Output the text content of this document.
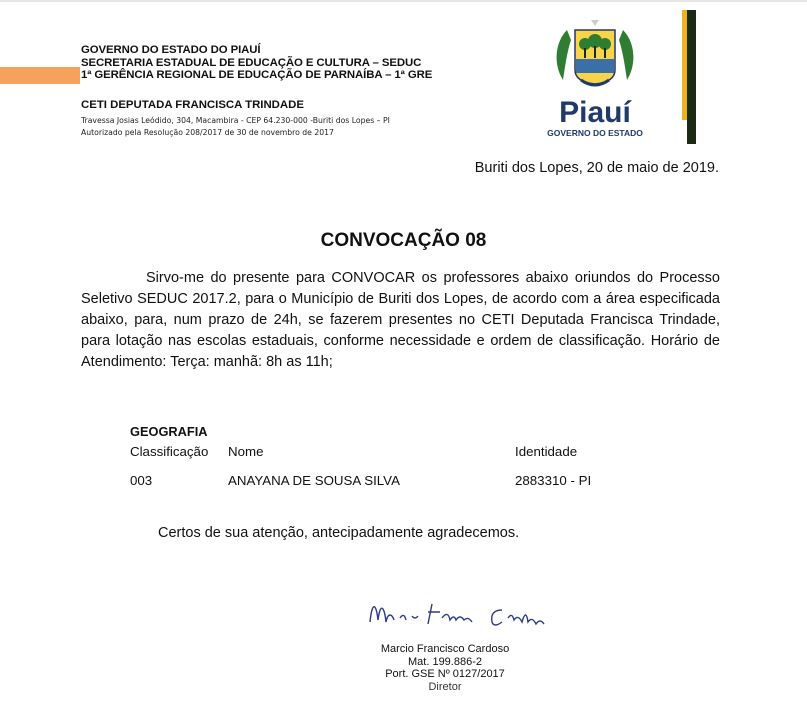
GOVERNO DO ESTADO DO PIAUÍ
SECRETARIA ESTADUAL DE EDUCAÇÃO E CULTURA – SEDUC
1ª GERÊNCIA REGIONAL DE EDUCAÇÃO DE PARNAÍBA – 1ª GRE
CETI DEPUTADA FRANCISCA TRINDADE
Travessa Josias Leódido, 304, Macambira - CEP 64.230-000 -Buriti dos Lopes – PI
Autorizado pela Resolução 208/2017 de 30 de novembro de 2017
Piauí
GOVERNO DO ESTADO
Buriti dos Lopes, 20 de maio de 2019.
CONVOCAÇÃO 08
Sirvo-me do presente para CONVOCAR os professores abaixo oriundos do Processo Seletivo SEDUC 2017.2, para o Município de Buriti dos Lopes, de acordo com a área especificada abaixo, para, num prazo de 24h, se fazerem presentes no CETI Deputada Francisca Trindade, para lotação nas escolas estaduais, conforme necessidade e ordem de classificação. Horário de Atendimento: Terça: manhã: 8h as 11h;
GEOGRAFIA
Classificação Nome	Identidade
003	ANAYANA DE SOUSA SILVA	2883310 - PI
Certos de sua atenção, antecipadamente agradecemos.
Marcio Francisco Cardoso
Mat. 199.886-2
Port. GSE Nº 0127/2017
Diretor
